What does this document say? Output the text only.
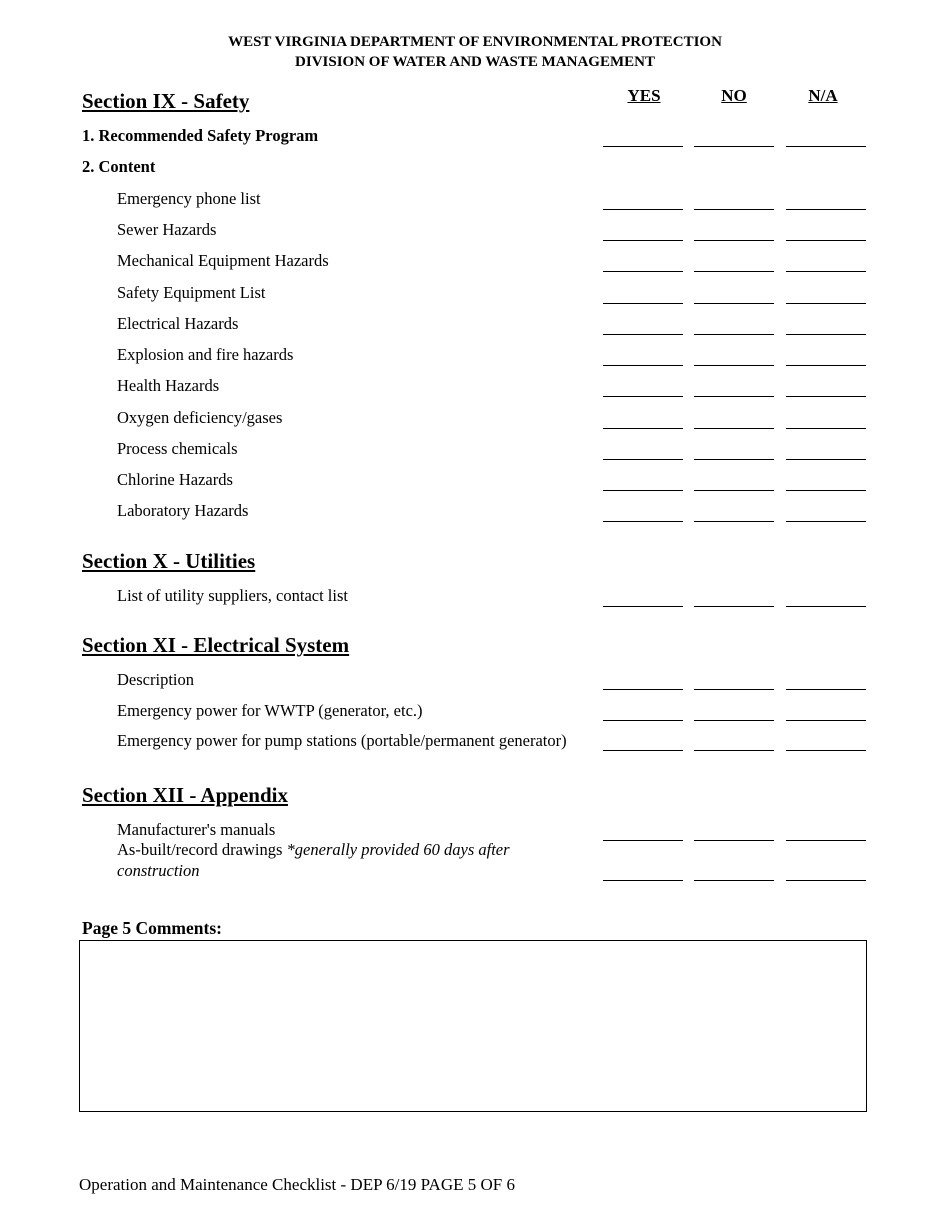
WEST VIRGINIA DEPARTMENT OF ENVIRONMENTAL PROTECTION
DIVISION OF WATER AND WASTE MANAGEMENT
YES	NO	N/A
Section IX - Safety
1. Recommended Safety Program
2. Content
Emergency phone list
Sewer Hazards
Mechanical Equipment Hazards
Safety Equipment List
Electrical Hazards
Explosion and fire hazards
Health Hazards
Oxygen deficiency/gases
Process chemicals
Chlorine Hazards
Laboratory Hazards
Section X - Utilities
List of utility suppliers, contact list
Section XI - Electrical System
Description
Emergency power for WWTP (generator, etc.)
Emergency power for pump stations (portable/permanent generator)
Section XII - Appendix
Manufacturer's manuals
As-built/record drawings *generally provided 60 days after
construction
Page 5 Comments:
Operation and Maintenance Checklist - DEP 6/19 PAGE 5 OF 6
